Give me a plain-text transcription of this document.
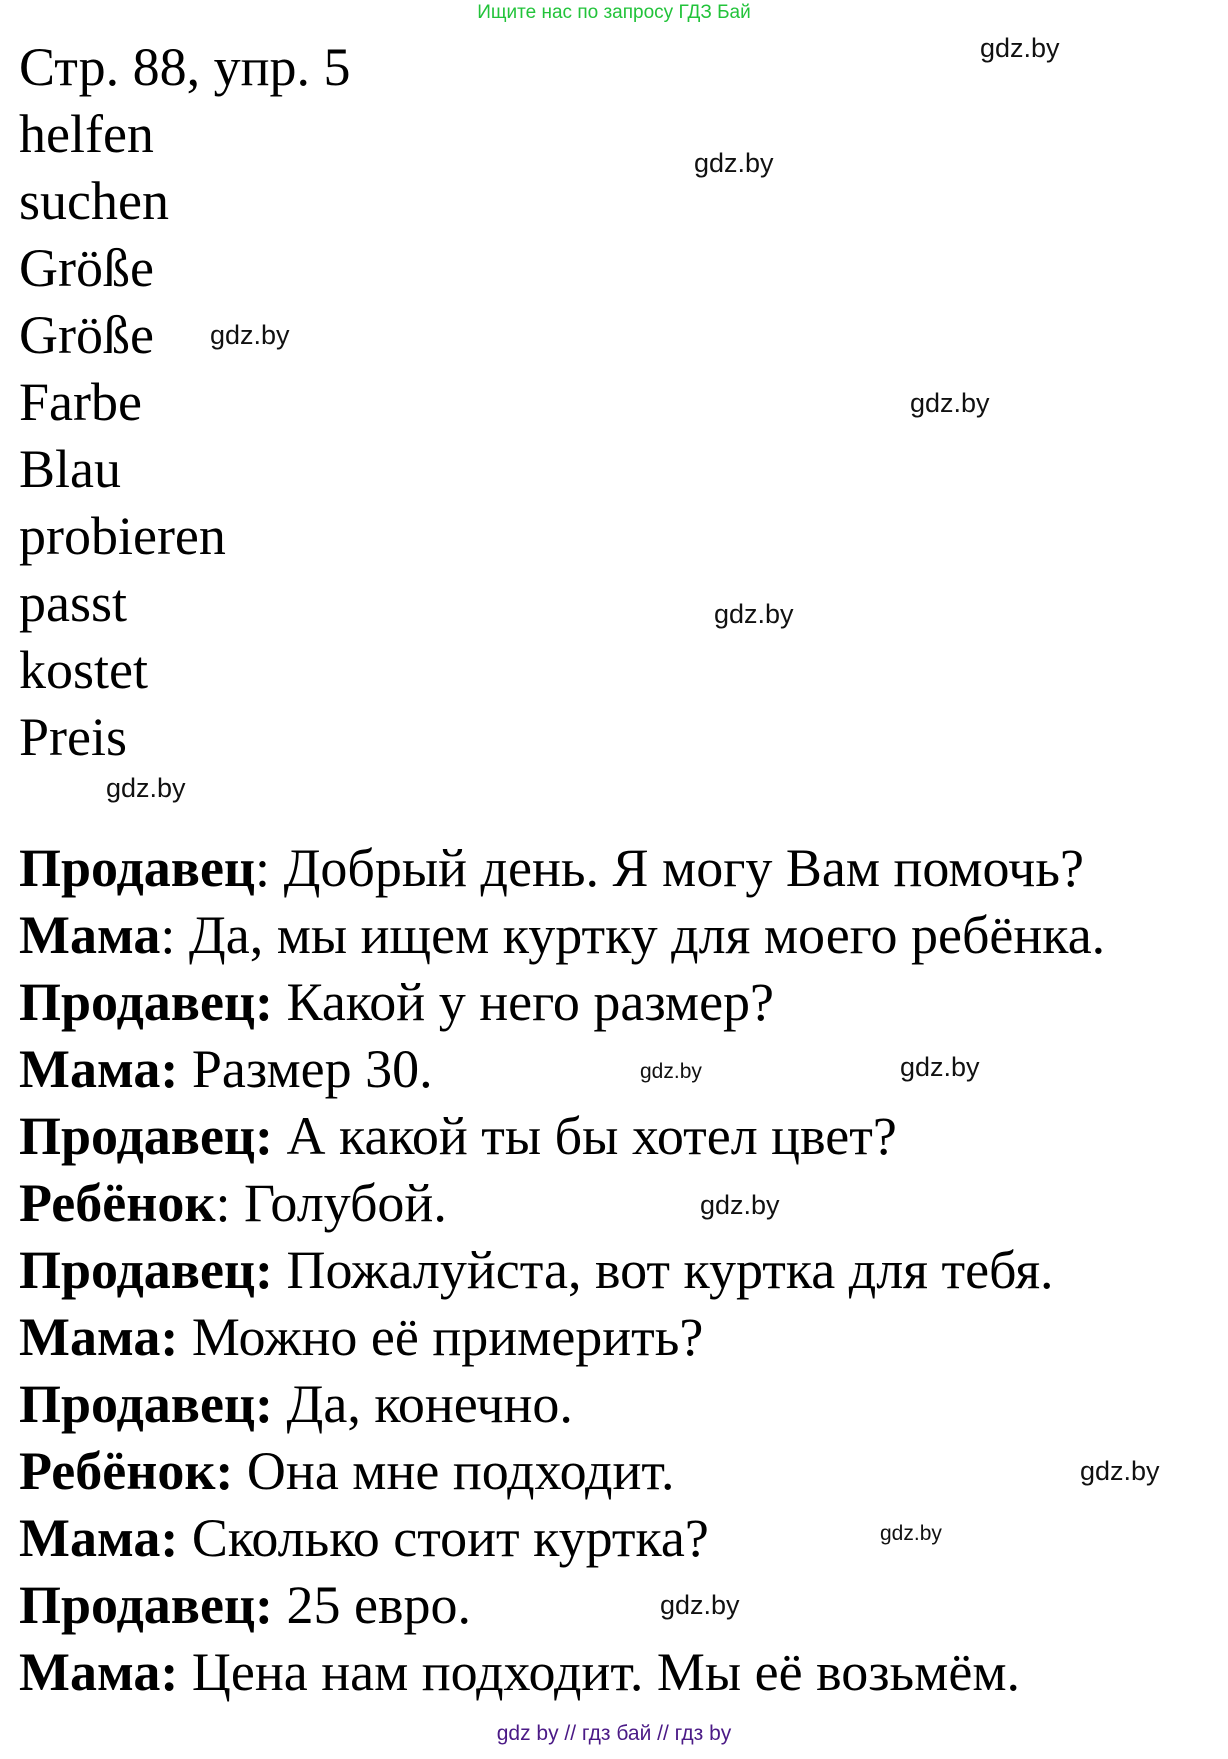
Ищите нас по запросу ГДЗ Бай
Стр. 88, упр. 5
helfen
suchen
Größe
Größe
Farbe
Blau
probieren
passt
kostet
Preis
Продавец: Добрый день. Я могу Вам помочь?
Мама: Да, мы ищем куртку для моего ребёнка.
Продавец: Какой у него размер?
Мама: Размер 30.
Продавец: А какой ты бы хотел цвет?
Ребёнок: Голубой.
Продавец: Пожалуйста, вот куртка для тебя.
Мама: Можно её примерить?
Продавец: Да, конечно.
Ребёнок: Она мне подходит.
Мама: Сколько стоит куртка?
Продавец: 25 евро.
Мама: Цена нам подходит. Мы её возьмём.
gdz.by
gdz.by
gdz.by
gdz.by
gdz.by
gdz.by
gdz.by
gdz.by
gdz.by
gdz.by
gdz.by
gdz.by
gdz by // гдз бай // гдз by
